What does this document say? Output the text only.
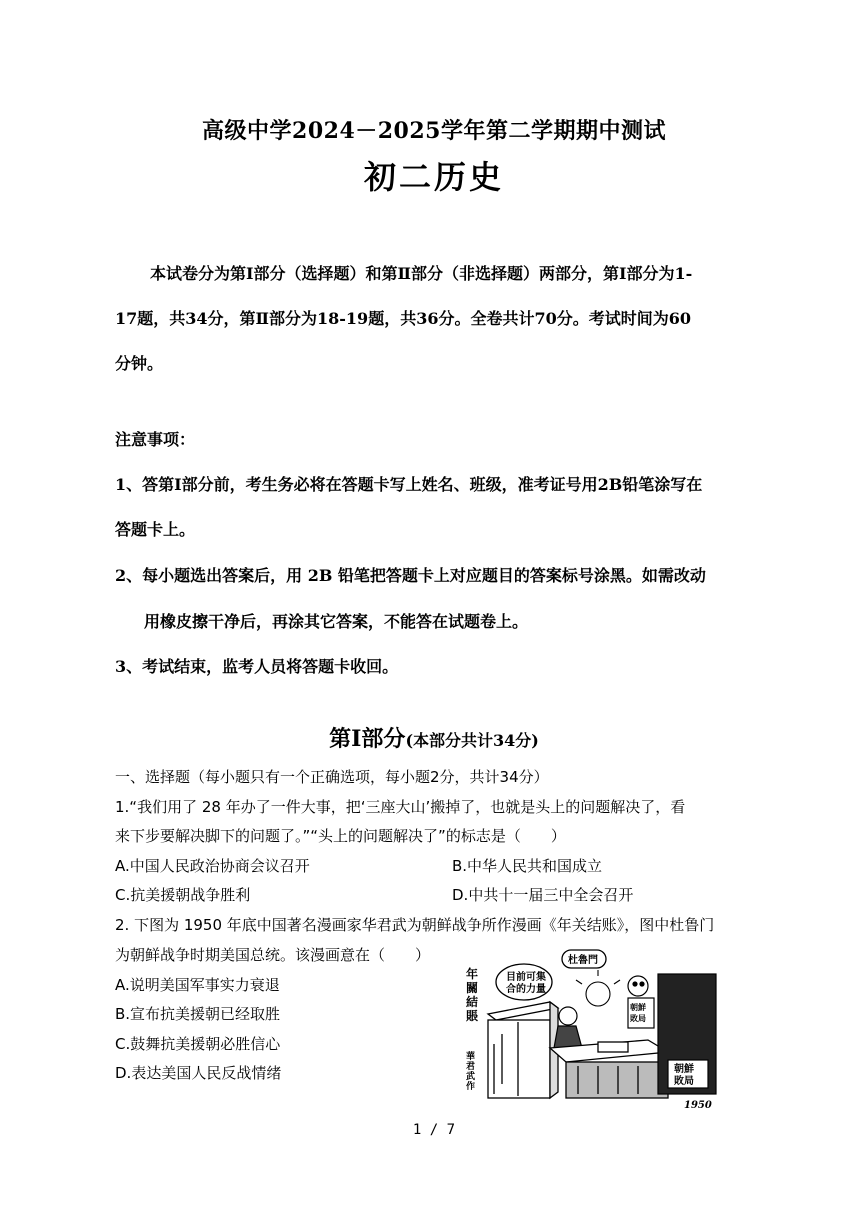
高级中学2024－2025学年第二学期期中测试
初二历史
本试卷分为第Ⅰ部分（选择题）和第Ⅱ部分（非选择题）两部分，第Ⅰ部分为1-
17题，共34分，第Ⅱ部分为18-19题，共36分。全卷共计70分。考试时间为60
分钟。
注意事项：
1、答第Ⅰ部分前，考生务必将在答题卡写上姓名、班级，准考证号用2B铅笔涂写在
答题卡上。
2、每小题选出答案后，用 2B 铅笔把答题卡上对应题目的答案标号涂黑。如需改动
用橡皮擦干净后，再涂其它答案，不能答在试题卷上。
3、考试结束，监考人员将答题卡收回。
第Ⅰ部分(本部分共计34分)
一、选择题（每小题只有一个正确选项，每小题2分，共计34分）
1.“我们用了 28 年办了一件大事，把‘三座大山’搬掉了，也就是头上的问题解决了，看
来下步要解决脚下的问题了。”“头上的问题解决了”的标志是（　　）
A.中国人民政治协商会议召开	B.中华人民共和国成立
C.抗美援朝战争胜利	D.中共十一届三中全会召开
2. 下图为 1950 年底中国著名漫画家华君武为朝鲜战争所作漫画《年关结账》，图中杜鲁门
为朝鲜战争时期美国总统。该漫画意在（　　）
A.说明美国军事实力衰退
B.宣布抗美援朝已经取胜
C.鼓舞抗美援朝必胜信心
D.表达美国人民反战情绪
年
關
結
賬
華
君
武
作
目前可集
合的力量
杜魯門
朝鮮
敗局
朝鮮
敗局
1950
1 / 7
